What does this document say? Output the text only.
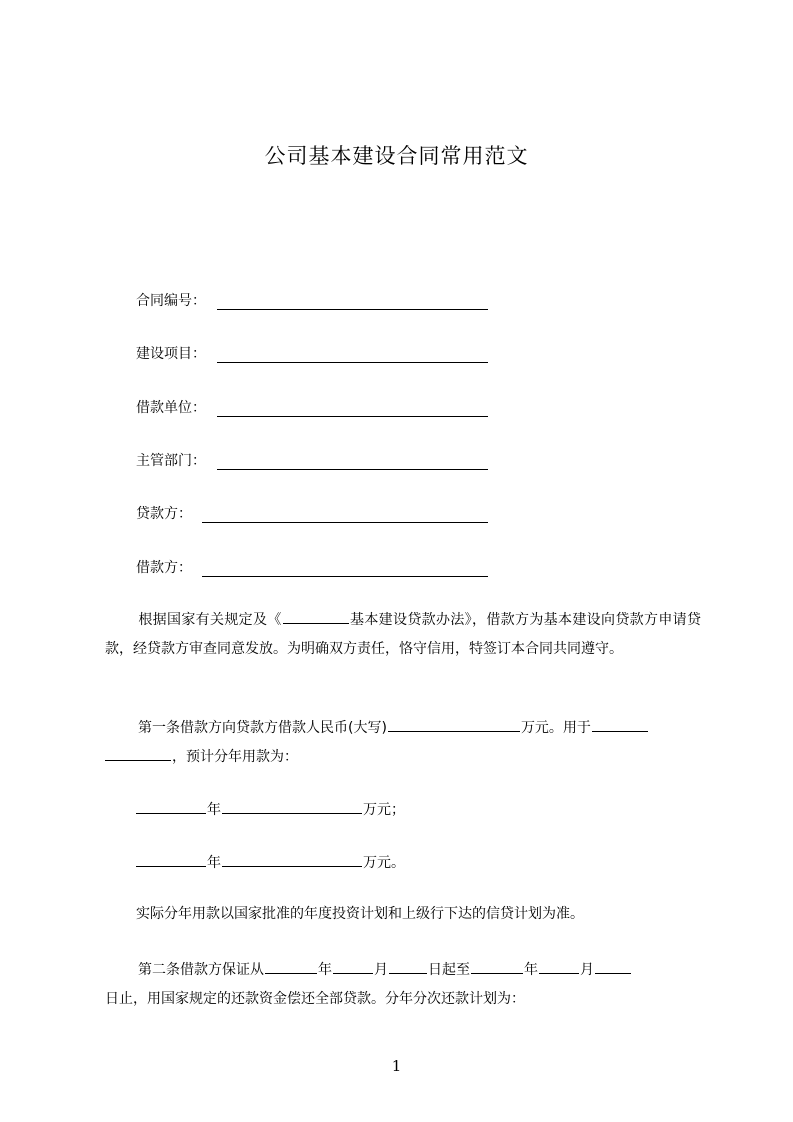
公司基本建设合同常用范文
合同编号：
建设项目：
借款单位：
主管部门：
贷款方：
借款方：
根据国家有关规定及《	基本建设贷款办法》，借款方为基本建设向贷款方申请贷款，经贷款方审查同意发放。为明确双方责任，恪守信用，特签订本合同共同遵守。
第一条借款方向贷款方借款人民币(大写)	万元。用于
，预计分年用款为：
年	万元；
年	万元。
实际分年用款以国家批准的年度投资计划和上级行下达的信贷计划为准。
第二条借款方保证从	年	月	日起至	年	月
日止，用国家规定的还款资金偿还全部贷款。分年分次还款计划为：
1
